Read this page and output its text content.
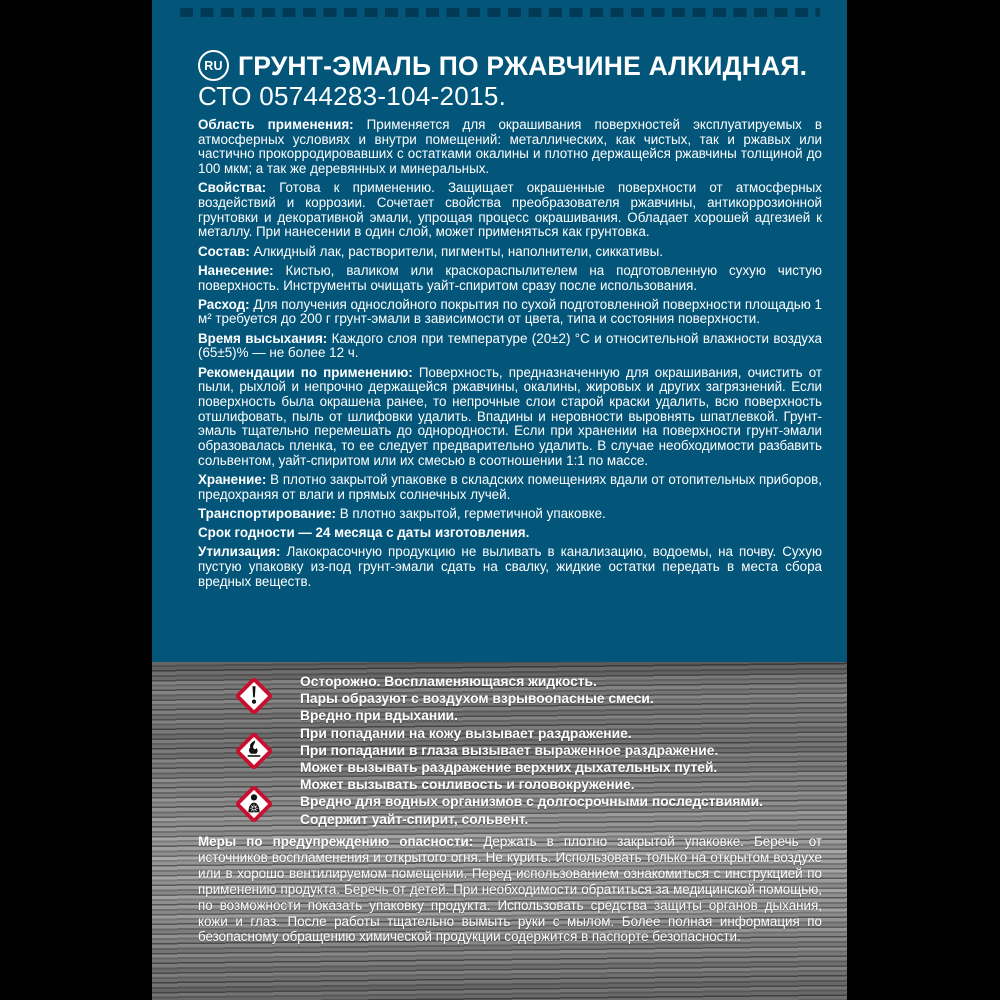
RU ГРУНТ-ЭМАЛЬ ПО РЖАВЧИНЕ АЛКИДНАЯ.
СТО 05744283-104-2015.

Область применения: Применяется для окрашивания поверхностей эксплуатируемых в атмосферных условиях и внутри помещений: металлических, как чистых, так и ржавых или частично прокорродировавших с остатками окалины и плотно держащейся ржавчины толщиной до 100 мкм; а так же деревянных и минеральных.

Свойства: Готова к применению. Защищает окрашенные поверхности от атмосферных воздействий и коррозии. Сочетает свойства преобразователя ржавчины, антикоррозионной грунтовки и декоративной эмали, упрощая процесс окрашивания. Обладает хорошей адгезией к металлу. При нанесении в один слой, может применяться как грунтовка.

Состав: Алкидный лак, растворители, пигменты, наполнители, сиккативы.

Нанесение: Кистью, валиком или краскораспылителем на подготовленную сухую чистую поверхность. Инструменты очищать уайт-спиритом сразу после использования.

Расход: Для получения однослойного покрытия по сухой подготовленной поверхности площадью 1 м² требуется до 200 г грунт-эмали в зависимости от цвета, типа и состояния поверхности.

Время высыхания: Каждого слоя при температуре (20±2) °С и относительной влажности воздуха (65±5)% — не более 12 ч.

Рекомендации по применению: Поверхность, предназначенную для окрашивания, очистить от пыли, рыхлой и непрочно держащейся ржавчины, окалины, жировых и других загрязнений. Если поверхность была окрашена ранее, то непрочные слои старой краски удалить, всю поверхность отшлифовать, пыль от шлифовки удалить. Впадины и неровности выровнять шпатлевкой. Грунт-эмаль тщательно перемешать до однородности. Если при хранении на поверхности грунт-эмали образовалась пленка, то ее следует предварительно удалить. В случае необходимости разбавить сольвентом, уайт-спиритом или их смесью в соотношении 1:1 по массе.

Хранение: В плотно закрытой упаковке в складских помещениях вдали от отопительных приборов, предохраняя от влаги и прямых солнечных лучей.

Транспортирование: В плотно закрытой, герметичной упаковке.

Срок годности — 24 месяца с даты изготовления.

Утилизация: Лакокрасочную продукцию не выливать в канализацию, водоемы, на почву. Сухую пустую упаковку из-под грунт-эмали сдать на свалку, жидкие остатки передать в места сбора вредных веществ.

Осторожно. Воспламеняющаяся жидкость.
Пары образуют с воздухом взрывоопасные смеси.
Вредно при вдыхании.
При попадании на кожу вызывает раздражение.
При попадании в глаза вызывает выраженное раздражение.
Может вызывать раздражение верхних дыхательных путей.
Может вызывать сонливость и головокружение.
Вредно для водных организмов с долгосрочными последствиями.
Содержит уайт-спирит, сольвент.

Меры по предупреждению опасности: Держать в плотно закрытой упаковке. Беречь от источников воспламенения и открытого огня. Не курить. Использовать только на открытом воздухе или в хорошо вентилируемом помещении. Перед использованием ознакомиться с инструкцией по применению продукта. Беречь от детей. При необходимости обратиться за медицинской помощью, по возможности показать упаковку продукта. Использовать средства защиты органов дыхания, кожи и глаз. После работы тщательно вымыть руки с мылом. Более полная информация по безопасному обращению химической продукции содержится в паспорте безопасности.
